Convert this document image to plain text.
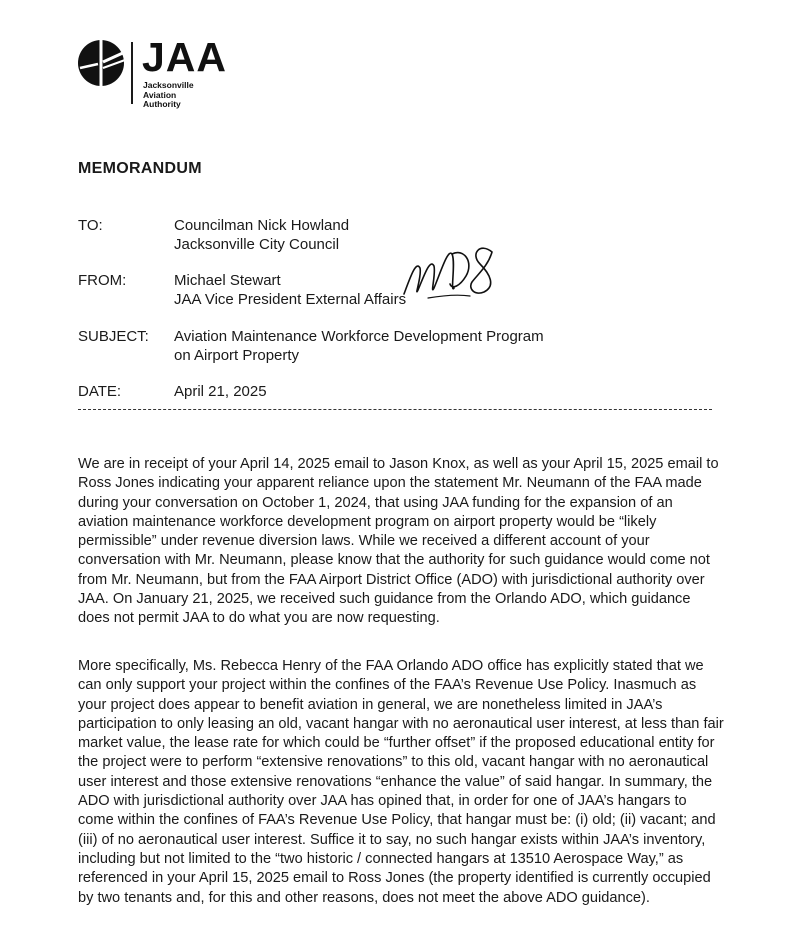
JAA
Jacksonville
Aviation
Authority
MEMORANDUM
TO:	Councilman Nick Howland
Jacksonville City Council
FROM:	Michael Stewart
JAA Vice President External Affairs
SUBJECT:	Aviation Maintenance Workforce Development Program
on Airport Property
DATE:	April 21, 2025

We are in receipt of your April 14, 2025 email to Jason Knox, as well as your April 15, 2025 email to Ross Jones indicating your apparent reliance upon the statement Mr. Neumann of the FAA made during your conversation on October 1, 2024, that using JAA funding for the expansion of an aviation maintenance workforce development program on airport property would be “likely permissible” under revenue diversion laws. While we received a different account of your conversation with Mr. Neumann, please know that the authority for such guidance would come not from Mr. Neumann, but from the FAA Airport District Office (ADO) with jurisdictional authority over JAA. On January 21, 2025, we received such guidance from the Orlando ADO, which guidance does not permit JAA to do what you are now requesting.

More specifically, Ms. Rebecca Henry of the FAA Orlando ADO office has explicitly stated that we can only support your project within the confines of the FAA’s Revenue Use Policy. Inasmuch as your project does appear to benefit aviation in general, we are nonetheless limited in JAA’s participation to only leasing an old, vacant hangar with no aeronautical user interest, at less than fair market value, the lease rate for which could be “further offset” if the proposed educational entity for the project were to perform “extensive renovations” to this old, vacant hangar with no aeronautical user interest and those extensive renovations “enhance the value” of said hangar. In summary, the ADO with jurisdictional authority over JAA has opined that, in order for one of JAA’s hangars to come within the confines of FAA’s Revenue Use Policy, that hangar must be: (i) old; (ii) vacant; and (iii) of no aeronautical user interest. Suffice it to say, no such hangar exists within JAA’s inventory, including but not limited to the “two historic / connected hangars at 13510 Aerospace Way,” as referenced in your April 15, 2025 email to Ross Jones (the property identified is currently occupied by two tenants and, for this and other reasons, does not meet the above ADO guidance).
